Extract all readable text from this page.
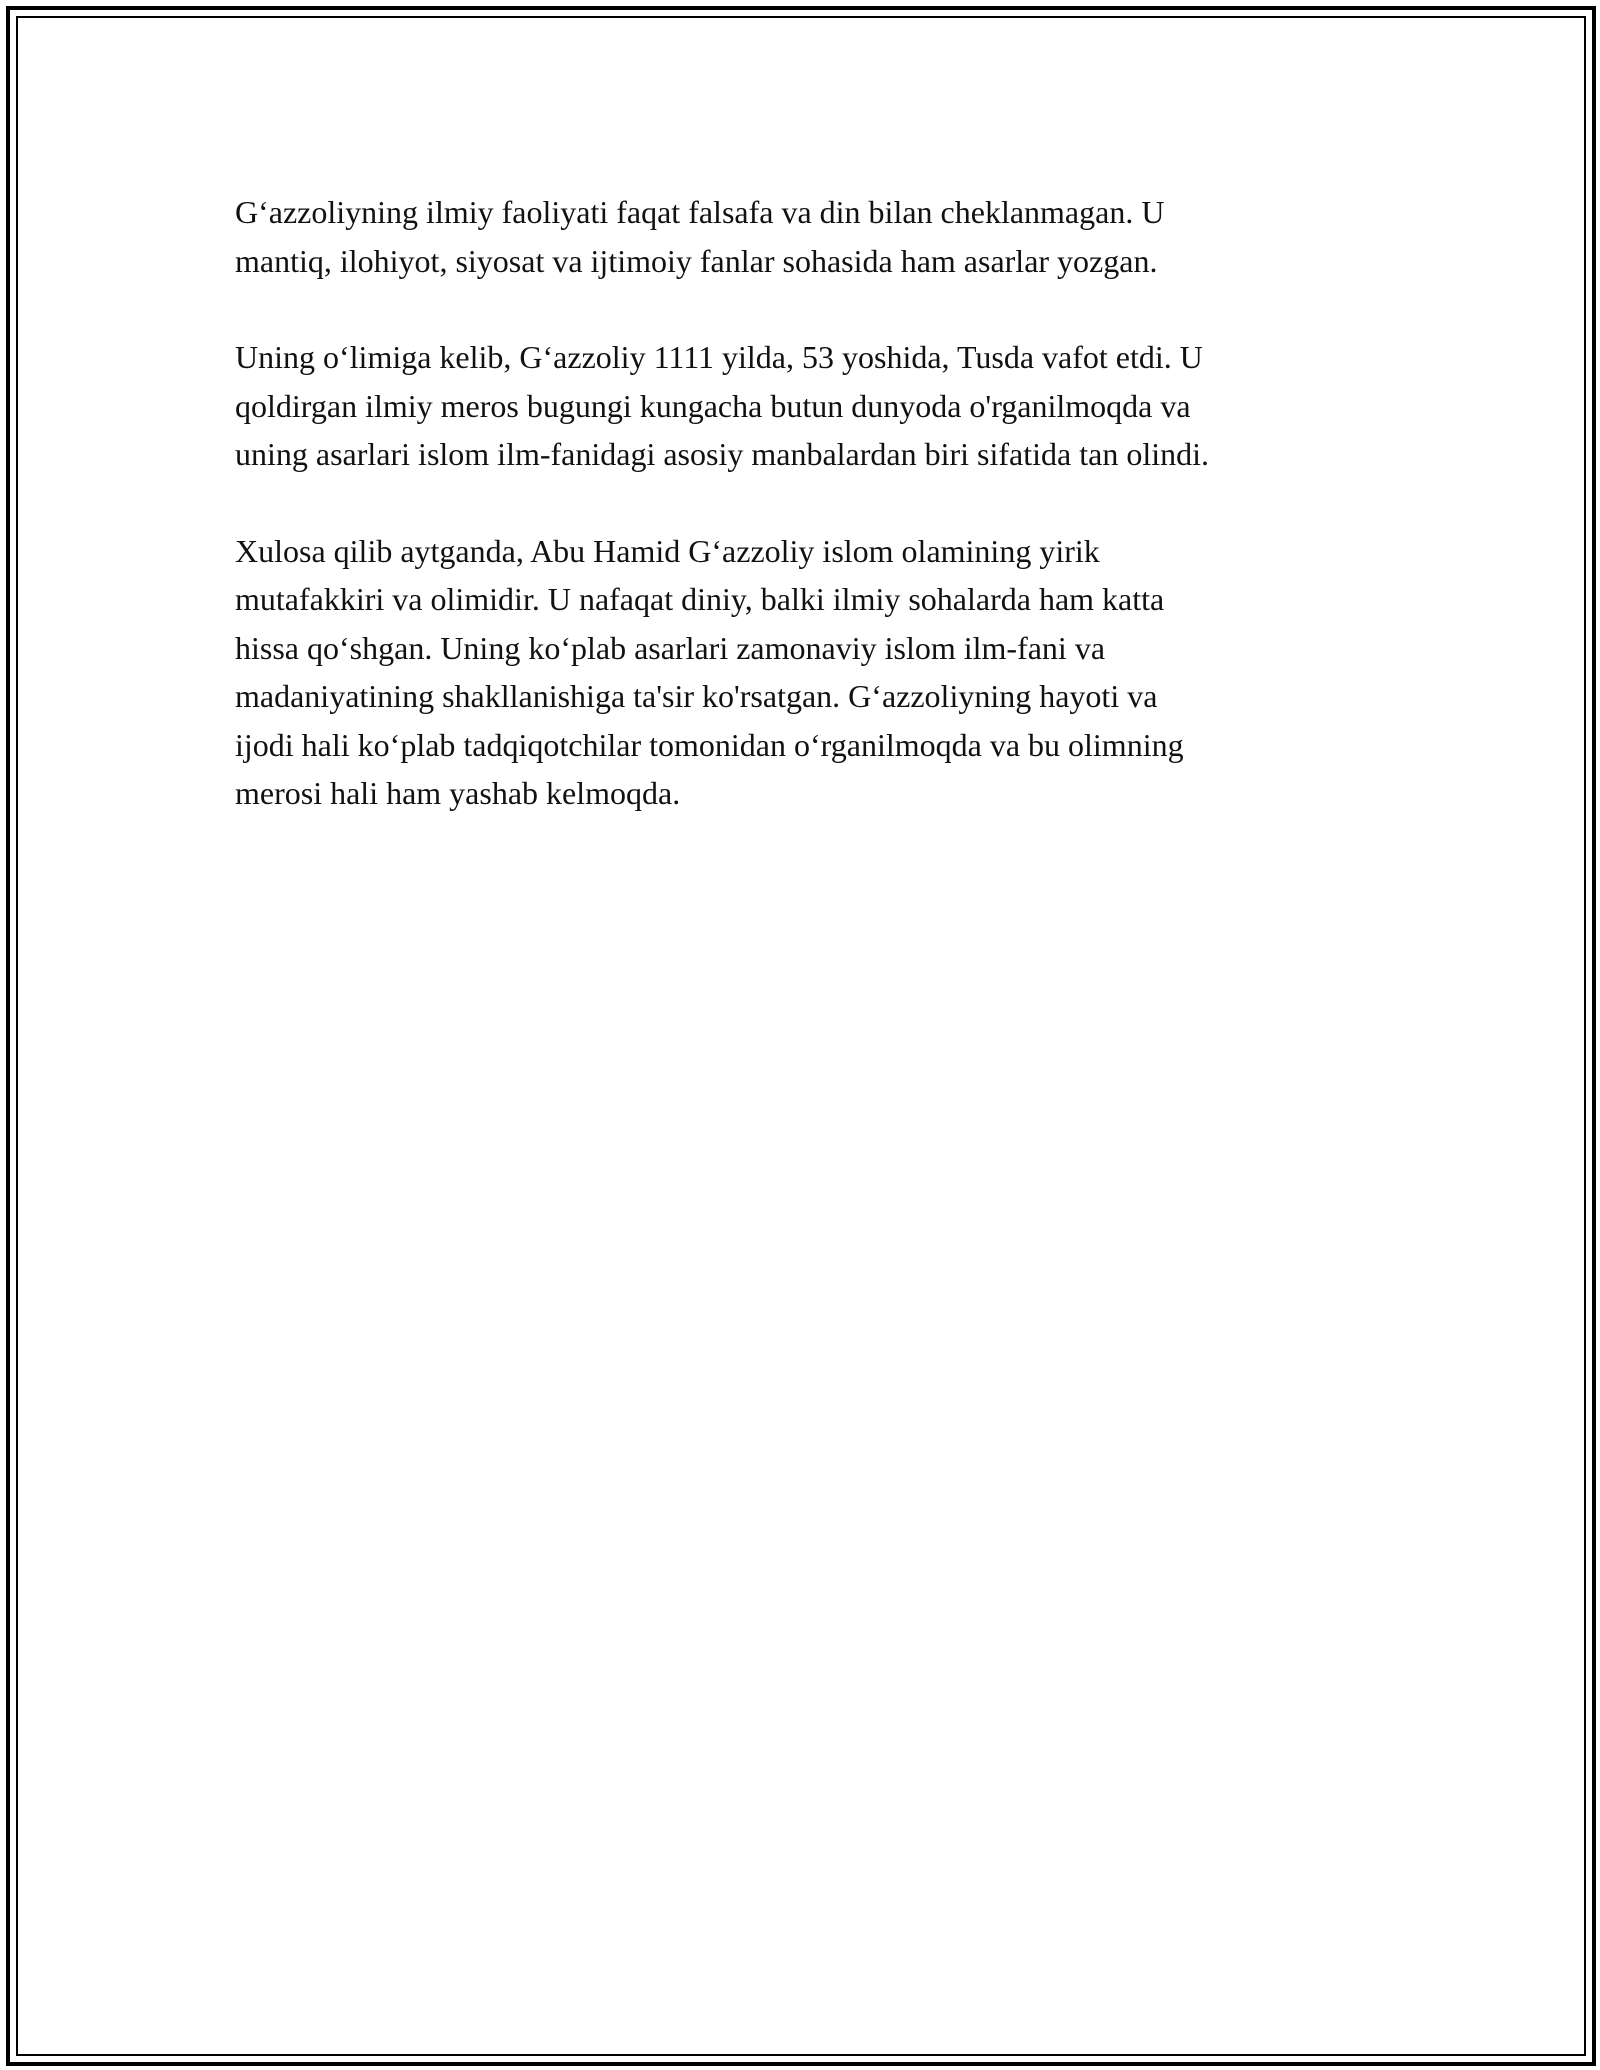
G‘azzoliyning ilmiy faoliyati faqat falsafa va din bilan cheklanmagan. U
mantiq, ilohiyot, siyosat va ijtimoiy fanlar sohasida ham asarlar yozgan.

Uning o‘limiga kelib, G‘azzoliy 1111 yilda, 53 yoshida, Tusda vafot etdi. U
qoldirgan ilmiy meros bugungi kungacha butun dunyoda o'rganilmoqda va
uning asarlari islom ilm-fanidagi asosiy manbalardan biri sifatida tan olindi.

Xulosa qilib aytganda, Abu Hamid G‘azzoliy islom olamining yirik
mutafakkiri va olimidir. U nafaqat diniy, balki ilmiy sohalarda ham katta
hissa qo‘shgan. Uning ko‘plab asarlari zamonaviy islom ilm-fani va
madaniyatining shakllanishiga ta'sir ko'rsatgan. G‘azzoliyning hayoti va
ijodi hali ko‘plab tadqiqotchilar tomonidan o‘rganilmoqda va bu olimning
merosi hali ham yashab kelmoqda.
